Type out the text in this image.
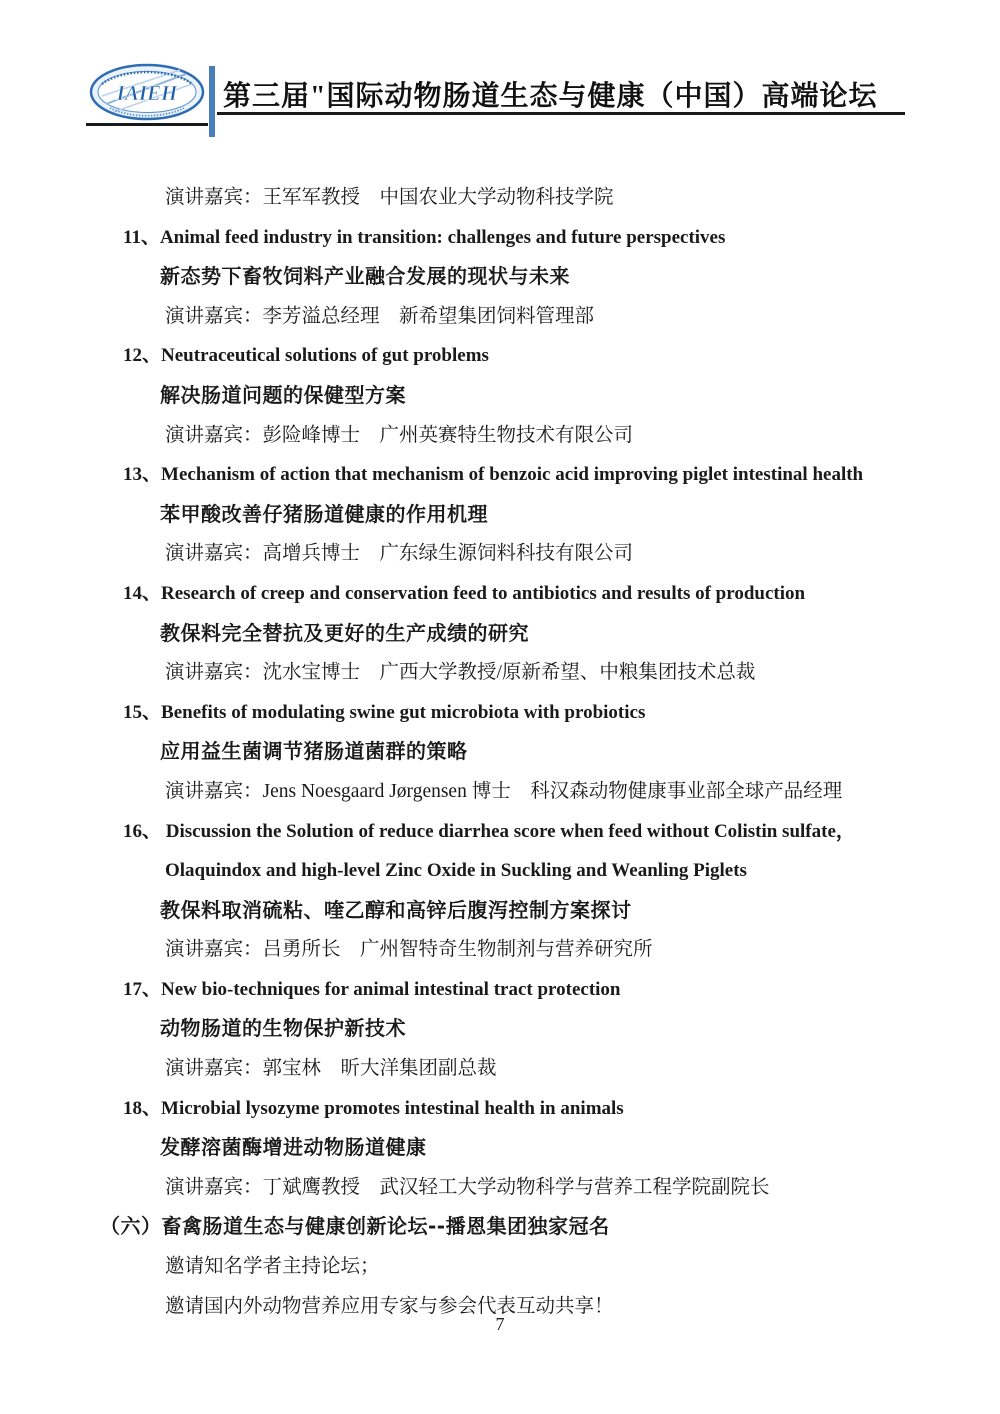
IAIEH 第三届"国际动物肠道生态与健康（中国）高端论坛
演讲嘉宾：王军军教授　中国农业大学动物科技学院
11、Animal feed industry in transition: challenges and future perspectives
新态势下畜牧饲料产业融合发展的现状与未来
演讲嘉宾：李芳溢总经理　新希望集团饲料管理部
12、Neutraceutical solutions of gut problems
解决肠道问题的保健型方案
演讲嘉宾：彭险峰博士　广州英赛特生物技术有限公司
13、Mechanism of action that mechanism of benzoic acid improving piglet intestinal health
苯甲酸改善仔猪肠道健康的作用机理
演讲嘉宾：高增兵博士　广东绿生源饲料科技有限公司
14、Research of creep and conservation feed to antibiotics and results of production
教保料完全替抗及更好的生产成绩的研究
演讲嘉宾：沈水宝博士　广西大学教授/原新希望、中粮集团技术总裁
15、Benefits of modulating swine gut microbiota with probiotics
应用益生菌调节猪肠道菌群的策略
演讲嘉宾：Jens Noesgaard Jørgensen 博士　科汉森动物健康事业部全球产品经理
16、 Discussion the Solution of reduce diarrhea score when feed without Colistin sulfate，
Olaquindox and high-level Zinc Oxide in Suckling and Weanling Piglets
教保料取消硫粘、喹乙醇和高锌后腹泻控制方案探讨
演讲嘉宾：吕勇所长　广州智特奇生物制剂与营养研究所
17、New bio-techniques for animal intestinal tract protection
动物肠道的生物保护新技术
演讲嘉宾：郭宝林　昕大洋集团副总裁
18、Microbial lysozyme promotes intestinal health in animals
发酵溶菌酶增进动物肠道健康
演讲嘉宾：丁斌鹰教授　武汉轻工大学动物科学与营养工程学院副院长
（六）畜禽肠道生态与健康创新论坛--播恩集团独家冠名
邀请知名学者主持论坛；
邀请国内外动物营养应用专家与参会代表互动共享！
7
